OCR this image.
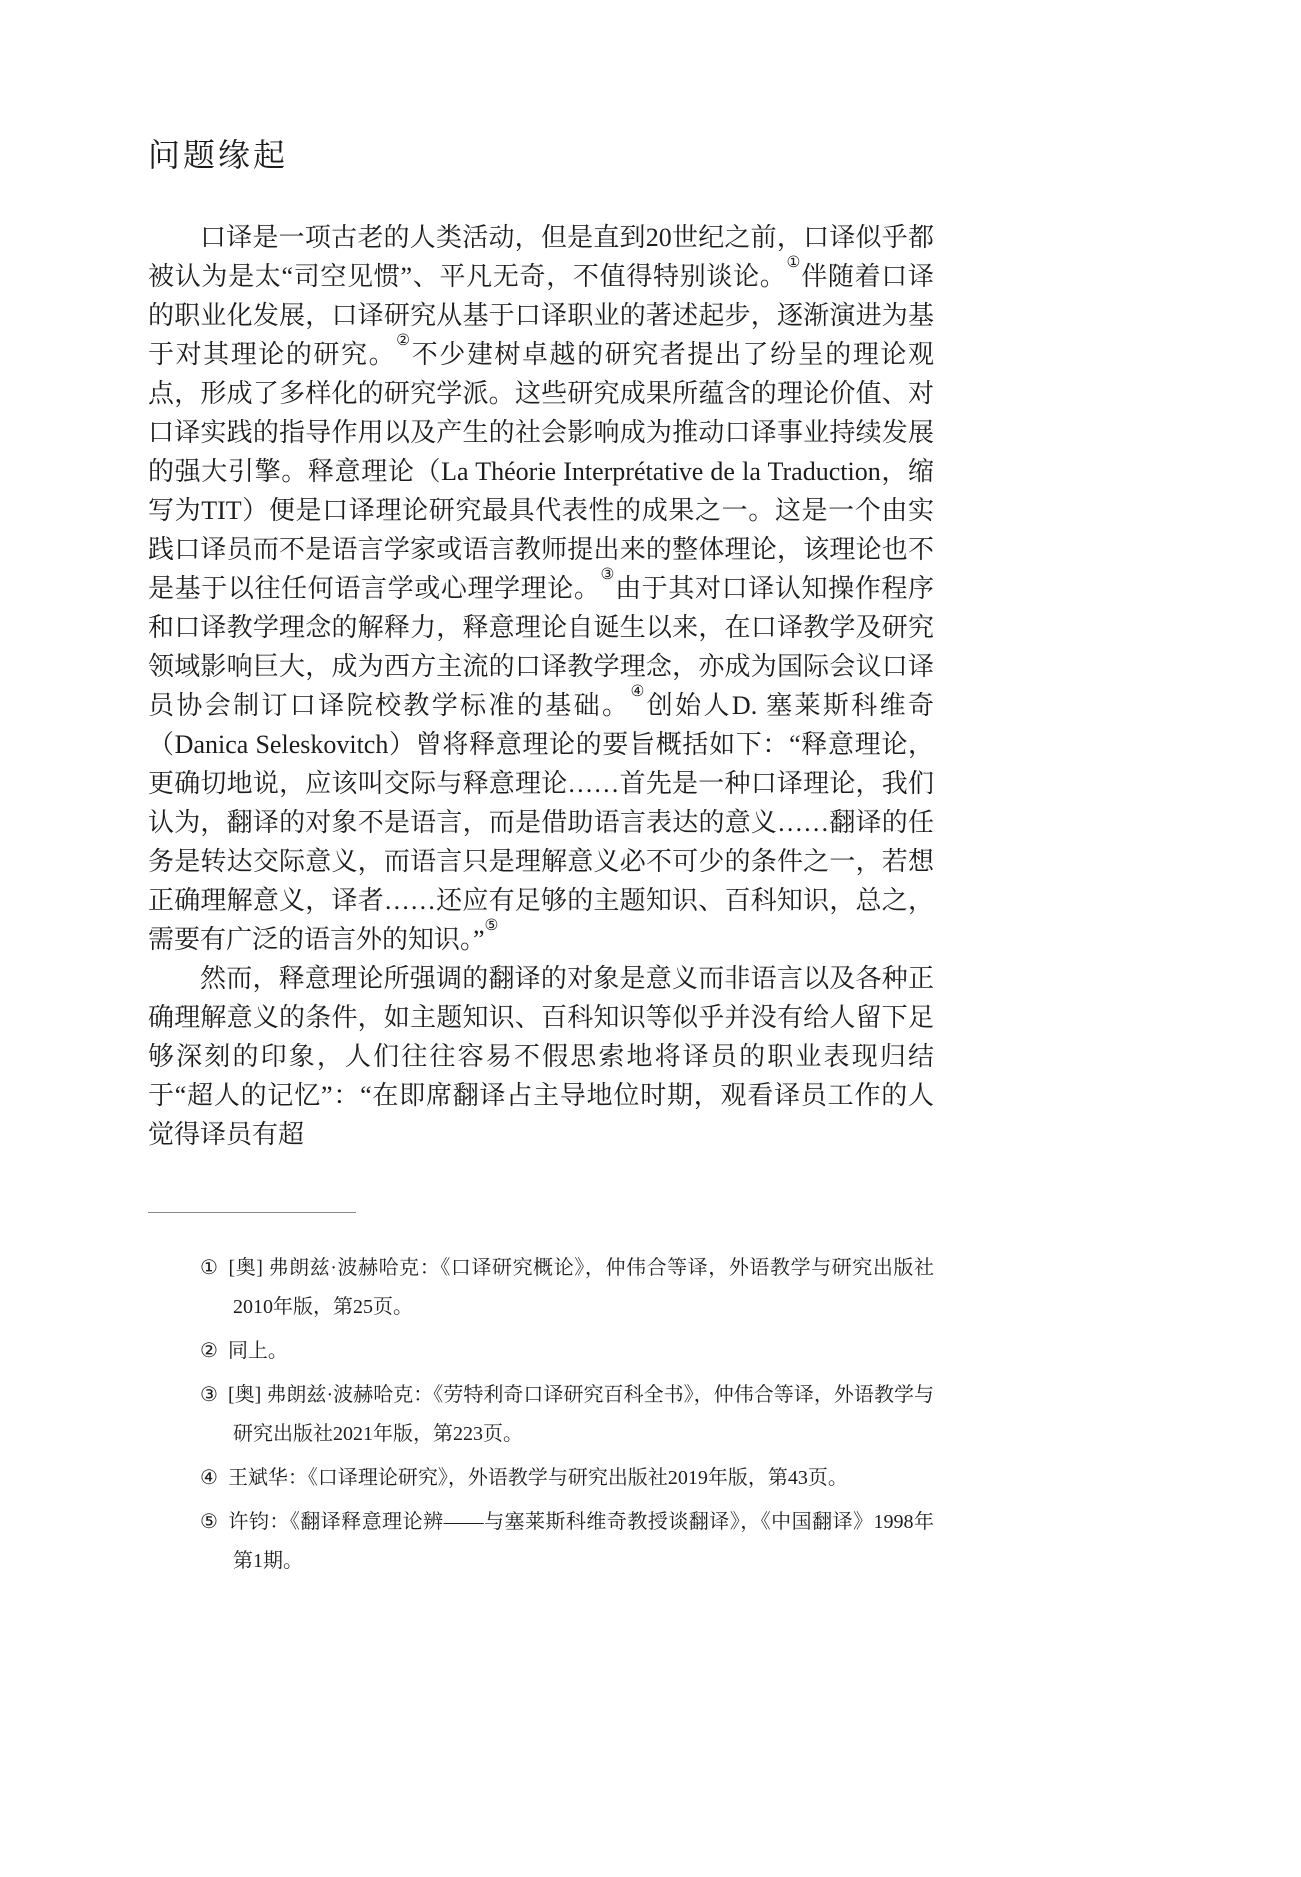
问题缘起

口译是一项古老的人类活动，但是直到20世纪之前，口译似乎都被认为是太“司空见惯”、平凡无奇，不值得特别谈论。①伴随着口译的职业化发展，口译研究从基于口译职业的著述起步，逐渐演进为基于对其理论的研究。②不少建树卓越的研究者提出了纷呈的理论观点，形成了多样化的研究学派。这些研究成果所蕴含的理论价值、对口译实践的指导作用以及产生的社会影响成为推动口译事业持续发展的强大引擎。释意理论（La Théorie Interprétative de la Traduction，缩写为TIT）便是口译理论研究最具代表性的成果之一。这是一个由实践口译员而不是语言学家或语言教师提出来的整体理论，该理论也不是基于以往任何语言学或心理学理论。③由于其对口译认知操作程序和口译教学理念的解释力，释意理论自诞生以来，在口译教学及研究领域影响巨大，成为西方主流的口译教学理念，亦成为国际会议口译员协会制订口译院校教学标准的基础。④创始人D. 塞莱斯科维奇（Danica Seleskovitch）曾将释意理论的要旨概括如下：“释意理论，更确切地说，应该叫交际与释意理论……首先是一种口译理论，我们认为，翻译的对象不是语言，而是借助语言表达的意义……翻译的任务是转达交际意义，而语言只是理解意义必不可少的条件之一，若想正确理解意义，译者……还应有足够的主题知识、百科知识，总之，需要有广泛的语言外的知识。”⑤

然而，释意理论所强调的翻译的对象是意义而非语言以及各种正确理解意义的条件，如主题知识、百科知识等似乎并没有给人留下足够深刻的印象，人们往往容易不假思索地将译员的职业表现归结于“超人的记忆”：“在即席翻译占主导地位时期，观看译员工作的人觉得译员有超

① [奥] 弗朗兹·波赫哈克：《口译研究概论》，仲伟合等译，外语教学与研究出版社2010年版，第25页。
② 同上。
③ [奥] 弗朗兹·波赫哈克：《劳特利奇口译研究百科全书》，仲伟合等译，外语教学与研究出版社2021年版，第223页。
④ 王斌华：《口译理论研究》，外语教学与研究出版社2019年版，第43页。
⑤ 许钧：《翻译释意理论辨——与塞莱斯科维奇教授谈翻译》，《中国翻译》1998年第1期。
